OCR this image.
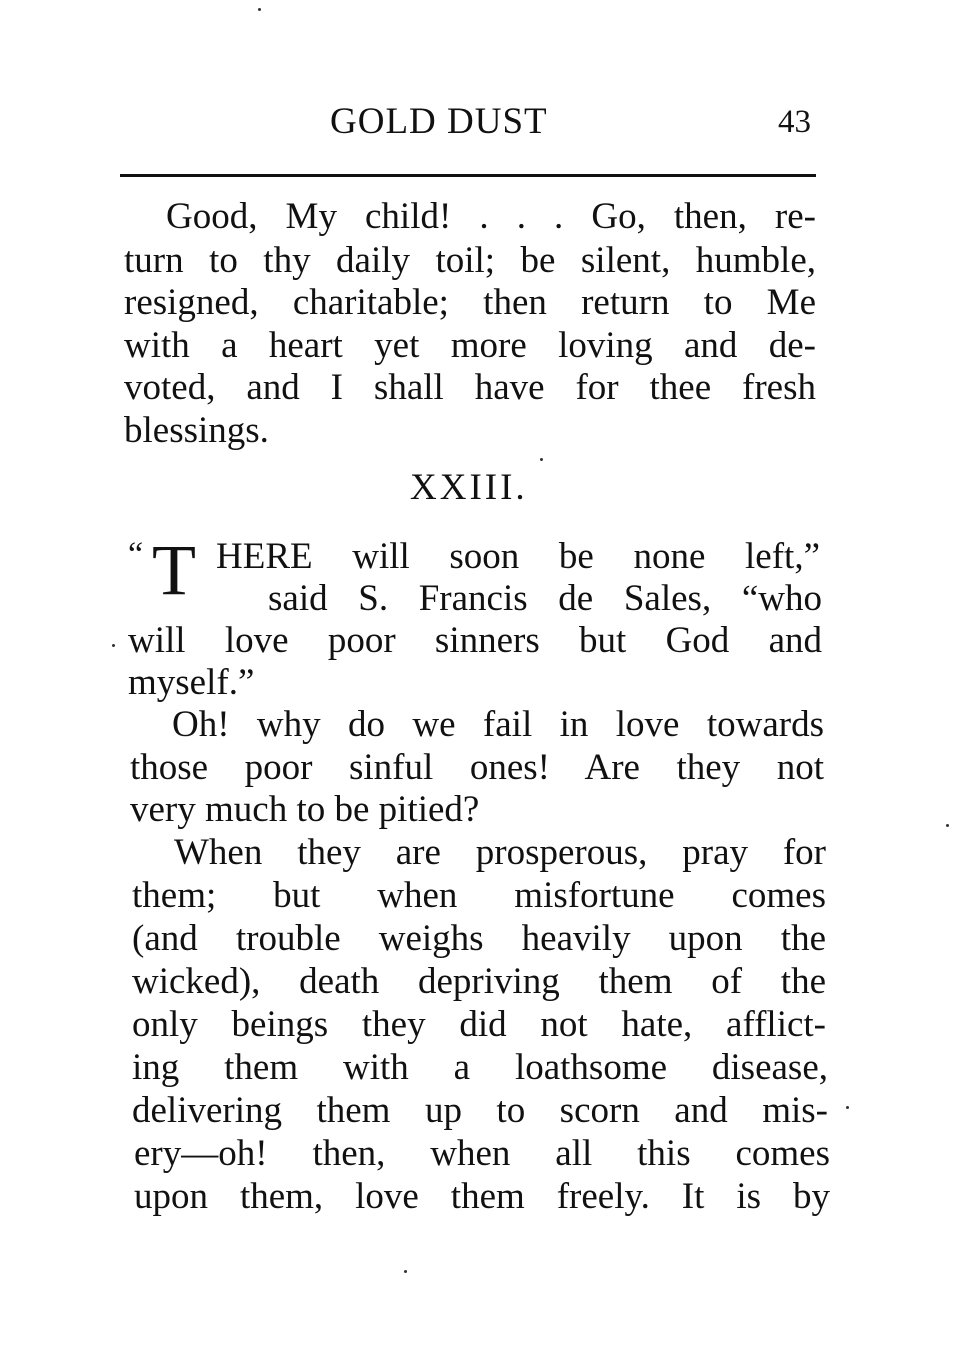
GOLD DUST	43
Good, My child! . . . Go, then, re-
turn to thy daily toil; be silent, humble,
resigned, charitable; then return to Me
with a heart yet more loving and de-
voted, and I shall have for thee fresh
blessings.
XXIII.
“ T HERE will soon be none left,”
said S. Francis de Sales, “who
will love poor sinners but God and
myself.”
Oh! why do we fail in love towards
those poor sinful ones! Are they not
very much to be pitied?
When they are prosperous, pray for
them; but when misfortune comes
(and trouble weighs heavily upon the
wicked), death depriving them of the
only beings they did not hate, afflict-
ing them with a loathsome disease,
delivering them up to scorn and mis-
ery—oh! then, when all this comes
upon them, love them freely. It is by
